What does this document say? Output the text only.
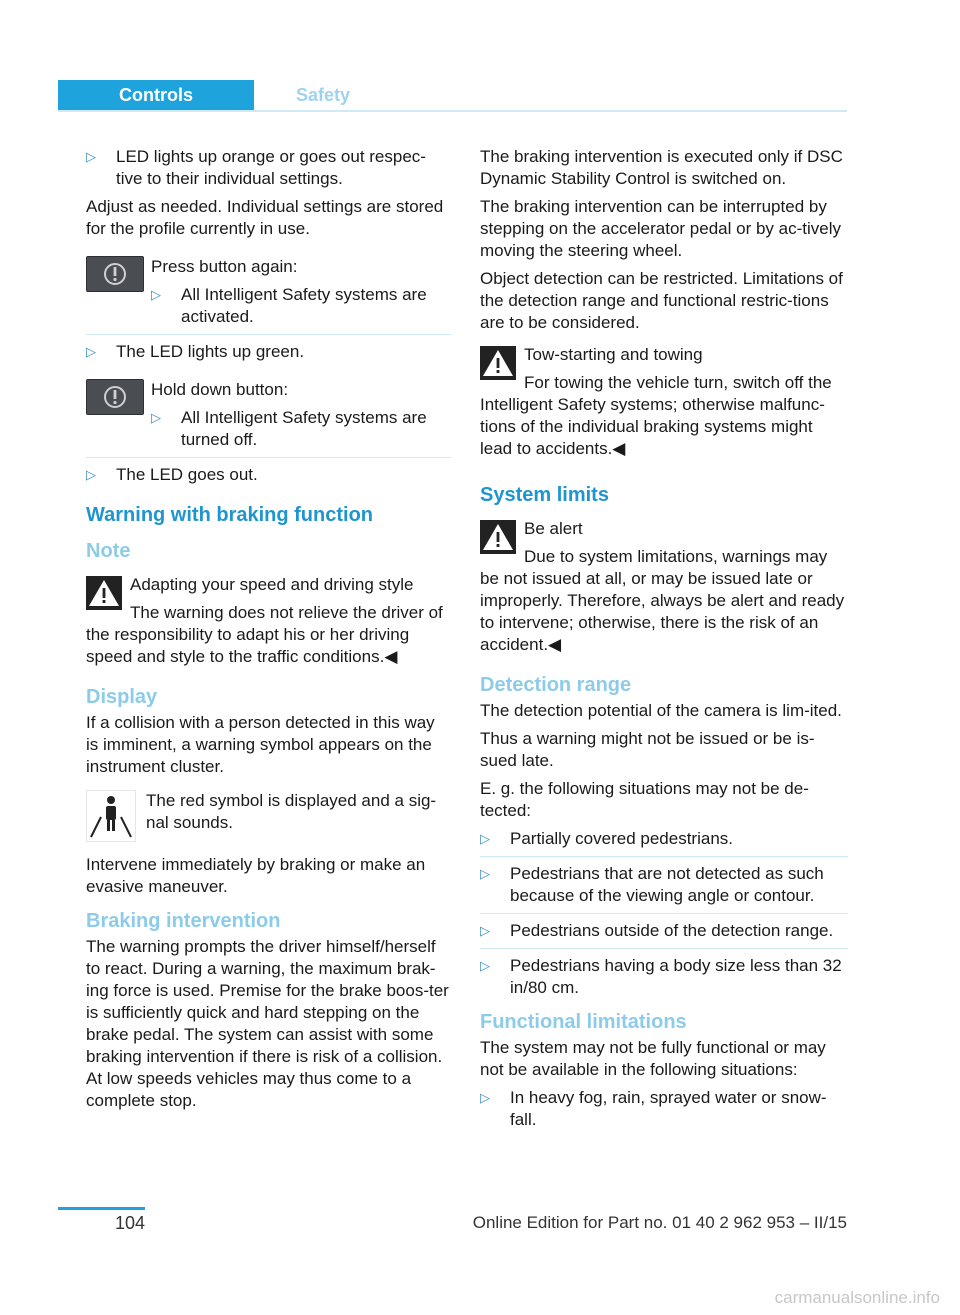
Controls	Safety
▷ LED lights up orange or goes out respec-tive to their individual settings.

Adjust as needed. Individual settings are stored for the profile currently in use.

Press button again:

▷ All Intelligent Safety systems are activated.
▷ The LED lights up green.

Hold down button:

▷ All Intelligent Safety systems are turned off.
▷ The LED goes out.
Warning with braking function
Note

Adapting your speed and driving style

The warning does not relieve the driver of the responsibility to adapt his or her driving speed and style to the traffic conditions.◀

Display

If a collision with a person detected in this way is imminent, a warning symbol appears on the instrument cluster.

The red symbol is displayed and a sig-nal sounds.

Intervene immediately by braking or make an evasive maneuver.

Braking intervention

The warning prompts the driver himself/herself to react. During a warning, the maximum brak-ing force is used. Premise for the brake boos-ter is sufficiently quick and hard stepping on the brake pedal. The system can assist with some braking intervention if there is risk of a collision. At low speeds vehicles may thus come to a complete stop.

The braking intervention is executed only if DSC Dynamic Stability Control is switched on.

The braking intervention can be interrupted by stepping on the accelerator pedal or by ac-tively moving the steering wheel.

Object detection can be restricted. Limitations of the detection range and functional restric-tions are to be considered.

Tow-starting and towing

For towing the vehicle turn, switch off the Intelligent Safety systems; otherwise malfunc-tions of the individual braking systems might lead to accidents.◀

System limits

Be alert

Due to system limitations, warnings may be not issued at all, or may be issued late or improperly. Therefore, always be alert and ready to intervene; otherwise, there is the risk of an accident.◀

Detection range

The detection potential of the camera is lim-ited.

Thus a warning might not be issued or be is-sued late.

E. g. the following situations may not be de-tected:

▷ Partially covered pedestrians.
▷ Pedestrians that are not detected as such because of the viewing angle or contour.
▷ Pedestrians outside of the detection range.
▷ Pedestrians having a body size less than 32 in/80 cm.
Functional limitations

The system may not be fully functional or may not be available in the following situations:

▷ In heavy fog, rain, sprayed water or snow-fall.
104	Online Edition for Part no. 01 40 2 962 953 – II/15
carmanualsonline.info
